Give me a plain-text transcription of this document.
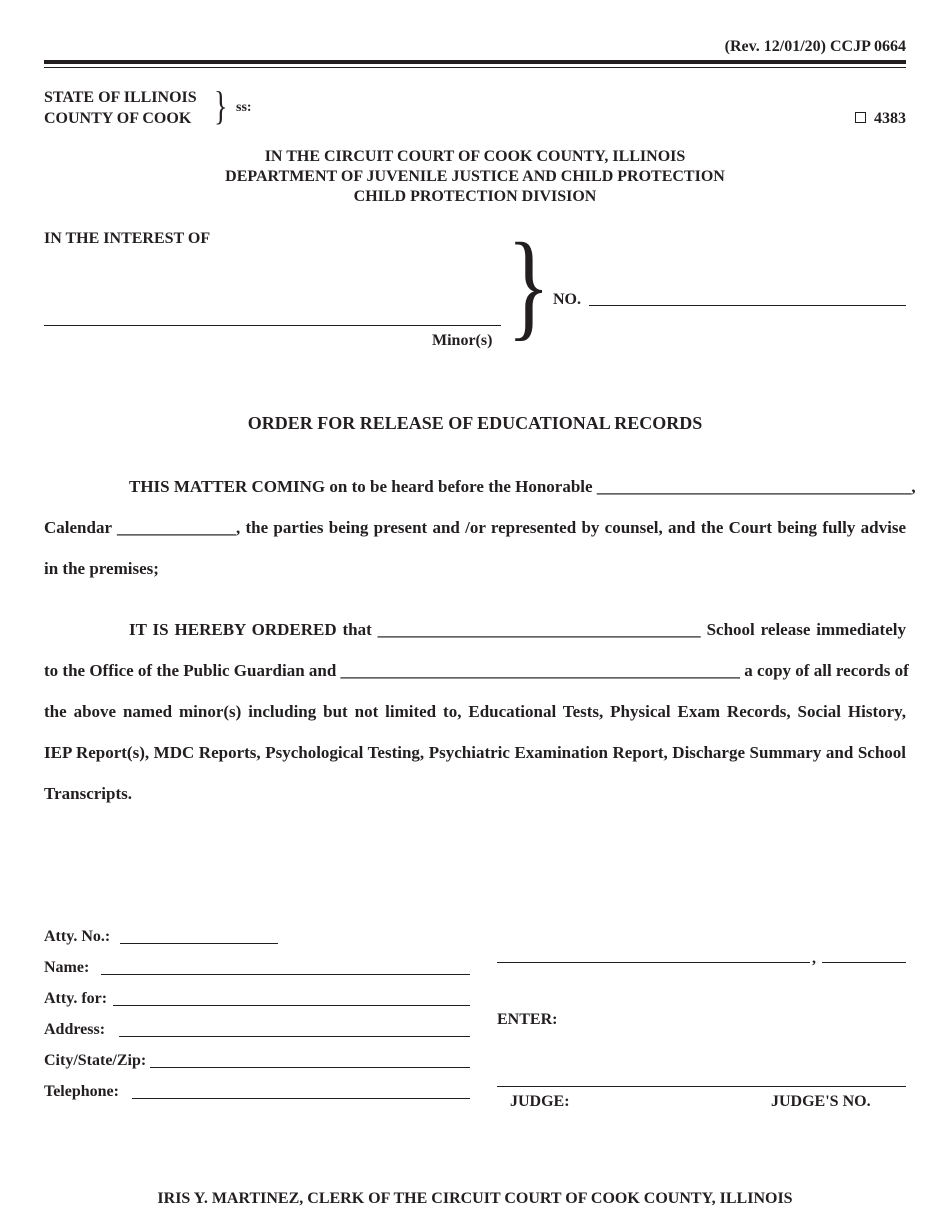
(Rev. 12/01/20) CCJP 0664
STATE OF ILLINOIS
COUNTY OF COOK } ss:
4383
IN THE CIRCUIT COURT OF COOK COUNTY, ILLINOIS
DEPARTMENT OF JUVENILE JUSTICE AND CHILD PROTECTION
CHILD PROTECTION DIVISION
IN THE INTEREST OF
Minor(s) } NO.
ORDER FOR RELEASE OF EDUCATIONAL RECORDS
THIS MATTER COMING on to be heard before the Honorable _____________________________________,
Calendar ______________, the parties being present and /or represented by counsel, and the Court being fully advise
in the premises;
IT IS HEREBY ORDERED that ______________________________________ School release immediately
to the Office of the Public Guardian and _______________________________________________ a copy of all records of
the above named minor(s) including but not limited to, Educational Tests, Physical Exam Records, Social History,
IEP Report(s), MDC Reports, Psychological Testing, Psychiatric Examination Report, Discharge Summary and School
Transcripts.
Atty. No.:
Name:
Atty. for:
Address:
City/State/Zip:
Telephone:
,
ENTER:
JUDGE:	JUDGE'S NO.
IRIS Y. MARTINEZ, CLERK OF THE CIRCUIT COURT OF COOK COUNTY, ILLINOIS
